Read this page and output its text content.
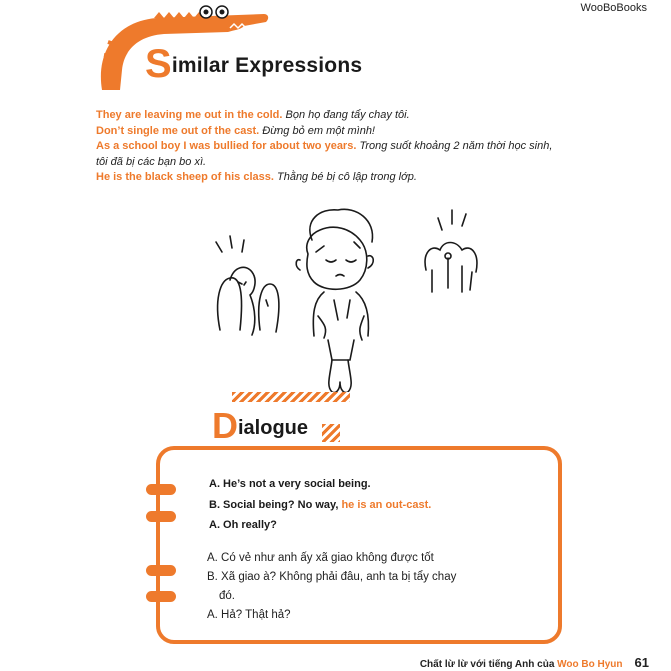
WooBoBooks
Similar Expressions

They are leaving me out in the cold. Bọn họ đang tẩy chay tôi.

Don’t single me out of the cast. Đừng bỏ em một mình!

As a school boy I was bullied for about two years. Trong suốt khoảng 2 năm thời học sinh, tôi đã bị các bạn bo xì.

He is the black sheep of his class. Thằng bé bị cô lập trong lớp.

Dialogue

A. He’s not a very social being.

B. Social being? No way, he is an out-cast.

A. Oh really?

A. Có vẻ như anh ấy xã giao không được tốt

B. Xã giao à? Không phải đâu, anh ta bị tẩy chay

đó.

A. Hả? Thật hả?

Chất lừ lừ với tiếng Anh của Woo Bo Hyun 61
